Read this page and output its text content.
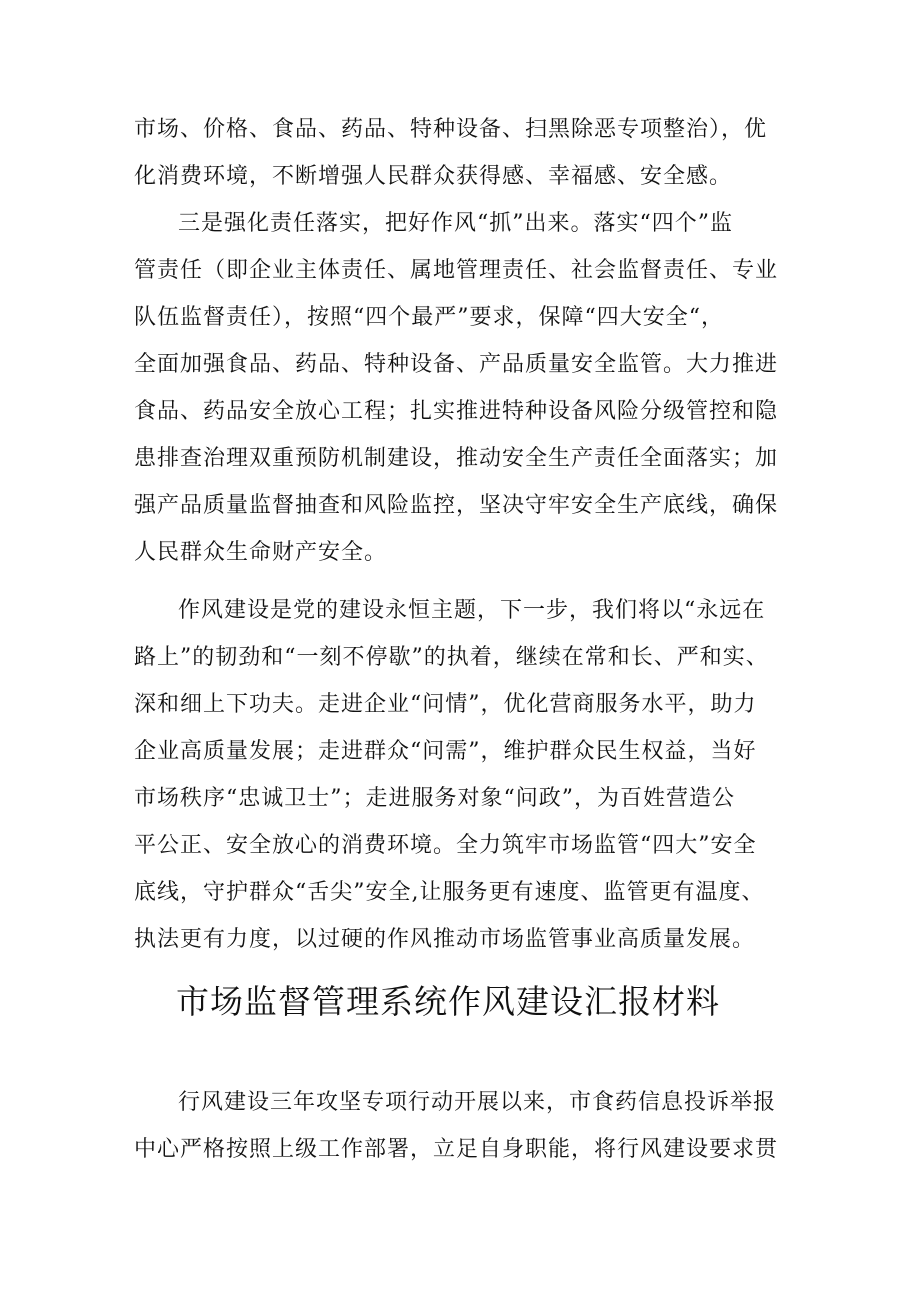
市场、价格、食品、药品、特种设备、扫黑除恶专项整治），优
化消费环境，不断增强人民群众获得感、幸福感、安全感。
三是强化责任落实，把好作风“抓”出来。落实“四个”监
管责任（即企业主体责任、属地管理责任、社会监督责任、专业
队伍监督责任），按照“四个最严”要求，保障“四大安全“，
全面加强食品、药品、特种设备、产品质量安全监管。大力推进
食品、药品安全放心工程；扎实推进特种设备风险分级管控和隐
患排查治理双重预防机制建设，推动安全生产责任全面落实；加
强产品质量监督抽查和风险监控，坚决守牢安全生产底线，确保
人民群众生命财产安全。
作风建设是党的建设永恒主题，下一步，我们将以“永远在
路上”的韧劲和“一刻不停歇”的执着，继续在常和长、严和实、
深和细上下功夫。走进企业“问情”，优化营商服务水平，助力
企业高质量发展；走进群众“问需”，维护群众民生权益，当好
市场秩序“忠诚卫士”；走进服务对象“问政”，为百姓营造公
平公正、安全放心的消费环境。全力筑牢市场监管“四大”安全
底线，守护群众“舌尖”安全,让服务更有速度、监管更有温度、
执法更有力度，以过硬的作风推动市场监管事业高质量发展。
市场监督管理系统作风建设汇报材料
行风建设三年攻坚专项行动开展以来，市食药信息投诉举报
中心严格按照上级工作部署，立足自身职能，将行风建设要求贯
